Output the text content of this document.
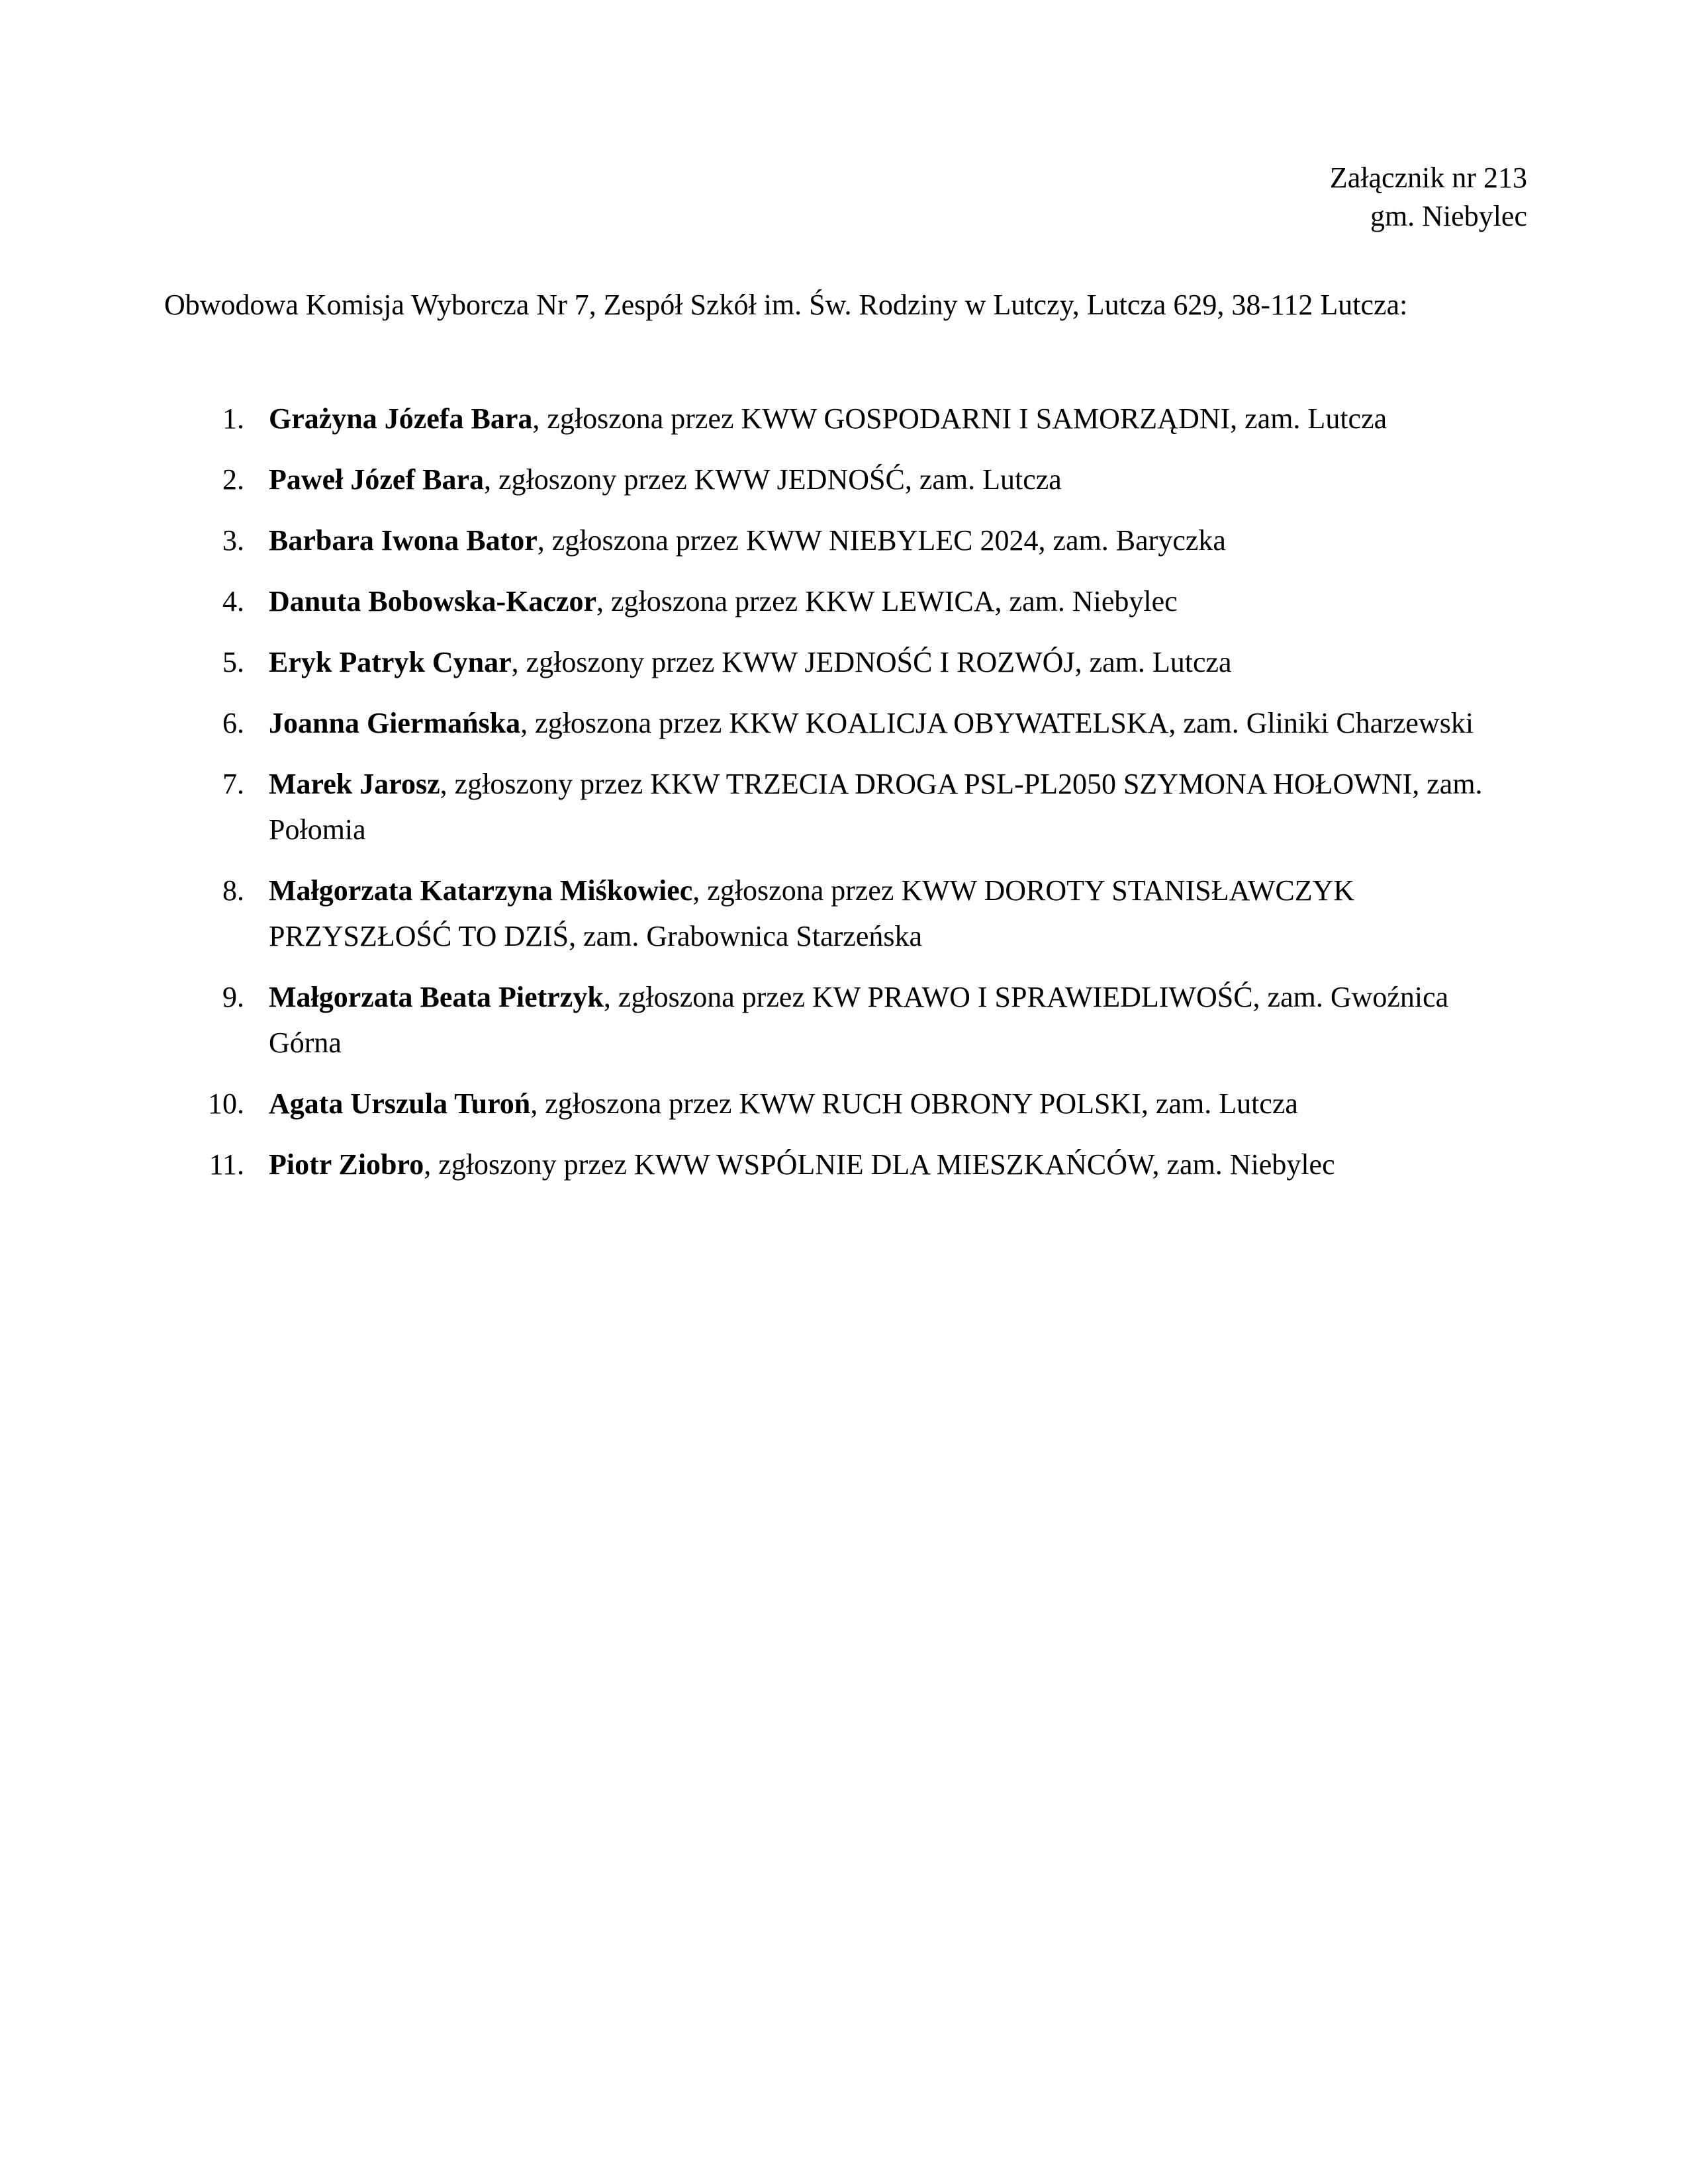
Załącznik nr 213
gm. Niebylec
Obwodowa Komisja Wyborcza Nr 7, Zespół Szkół im. Św. Rodziny w Lutczy, Lutcza 629, 38-112 Lutcza:
1. Grażyna Józefa Bara, zgłoszona przez KWW GOSPODARNI I SAMORZĄDNI, zam. Lutcza
2. Paweł Józef Bara, zgłoszony przez KWW JEDNOŚĆ, zam. Lutcza
3. Barbara Iwona Bator, zgłoszona przez KWW NIEBYLEC 2024, zam. Baryczka
4. Danuta Bobowska-Kaczor, zgłoszona przez KKW LEWICA, zam. Niebylec
5. Eryk Patryk Cynar, zgłoszony przez KWW JEDNOŚĆ I ROZWÓJ, zam. Lutcza
6. Joanna Giermańska, zgłoszona przez KKW KOALICJA OBYWATELSKA, zam. Gliniki Charzewski
7. Marek Jarosz, zgłoszony przez KKW TRZECIA DROGA PSL-PL2050 SZYMONA HOŁOWNI, zam. Połomia
8. Małgorzata Katarzyna Miśkowiec, zgłoszona przez KWW DOROTY STANISŁAWCZYK PRZYSZŁOŚĆ TO DZIŚ, zam. Grabownica Starzeńska
9. Małgorzata Beata Pietrzyk, zgłoszona przez KW PRAWO I SPRAWIEDLIWOŚĆ, zam. Gwoźnica Górna
10. Agata Urszula Turoń, zgłoszona przez KWW RUCH OBRONY POLSKI, zam. Lutcza
11. Piotr Ziobro, zgłoszony przez KWW WSPÓLNIE DLA MIESZKAŃCÓW, zam. Niebylec
